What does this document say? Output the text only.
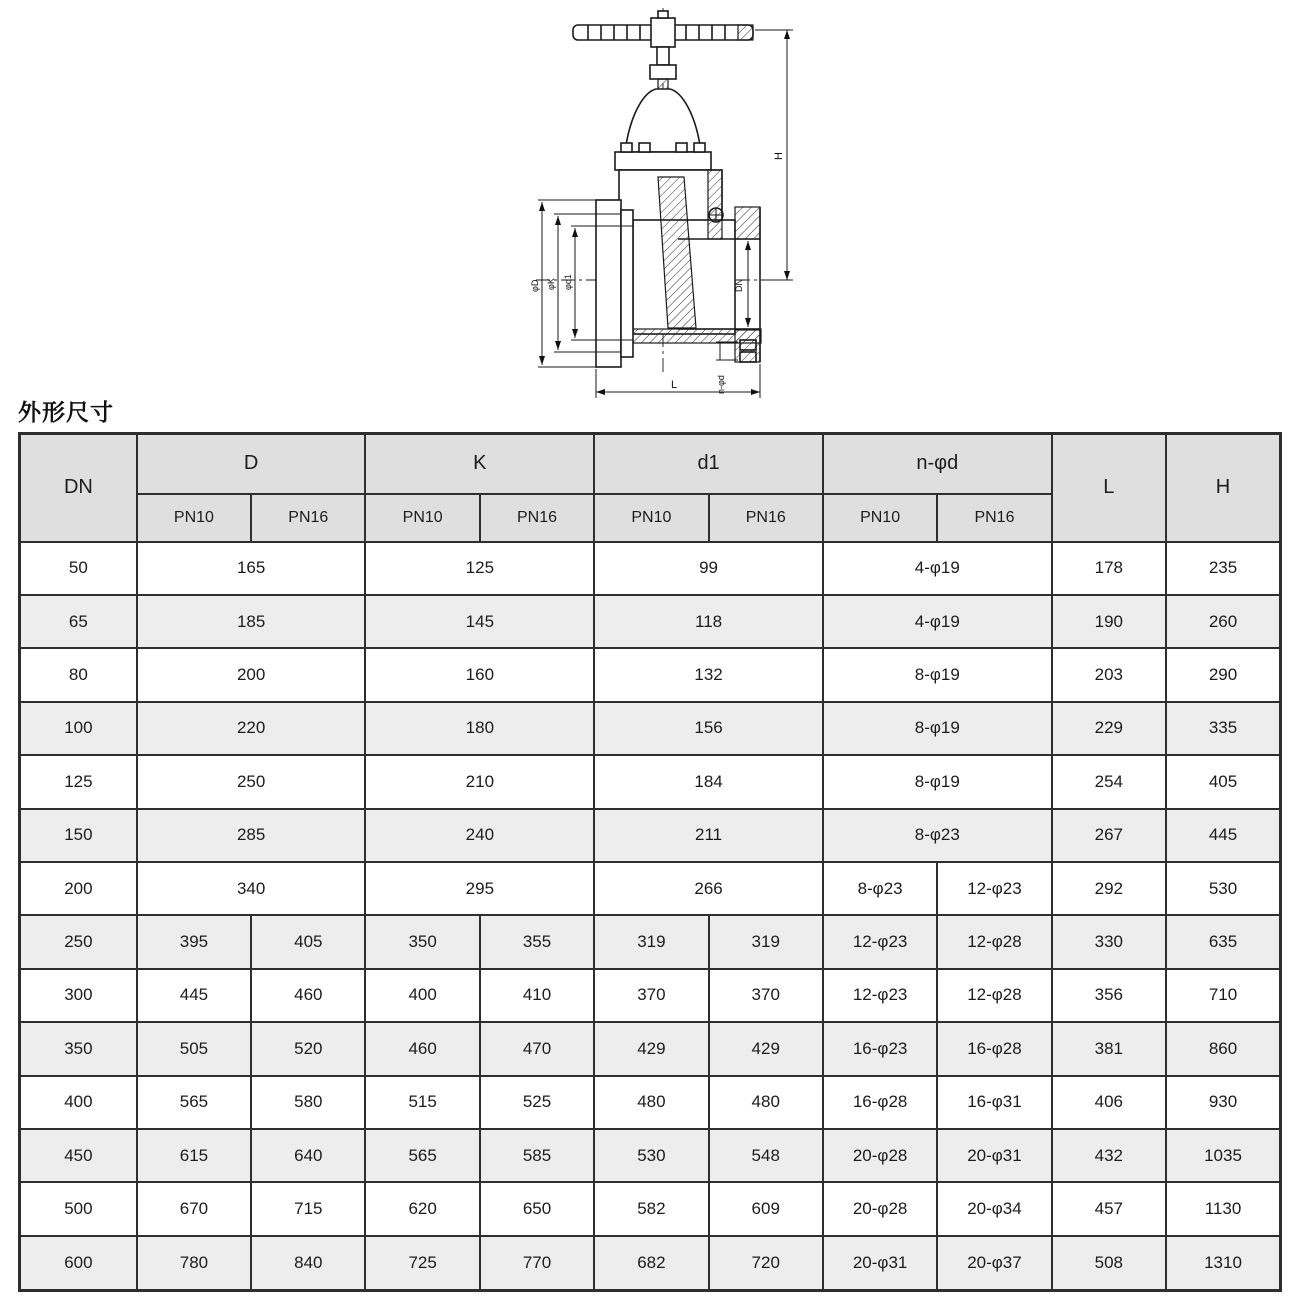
φD φK φd1	DN
n-φd
L
H
外形尺寸
DN	D		K		d1		n-φd		L	H
	PN10	PN16	PN10	PN16	PN10	PN16	PN10	PN16		
50	165		125		99		4-φ19		178	235
65	185		145		118		4-φ19		190	260
80	200		160		132		8-φ19		203	290
100	220		180		156		8-φ19		229	335
125	250		210		184		8-φ19		254	405
150	285		240		211		8-φ23		267	445
200	340		295		266		8-φ23	12-φ23	292	530
250	395	405	350	355	319	319	12-φ23	12-φ28	330	635
300	445	460	400	410	370	370	12-φ23	12-φ28	356	710
350	505	520	460	470	429	429	16-φ23	16-φ28	381	860
400	565	580	515	525	480	480	16-φ28	16-φ31	406	930
450	615	640	565	585	530	548	20-φ28	20-φ31	432	1035
500	670	715	620	650	582	609	20-φ28	20-φ34	457	1130
600	780	840	725	770	682	720	20-φ31	20-φ37	508	1310
